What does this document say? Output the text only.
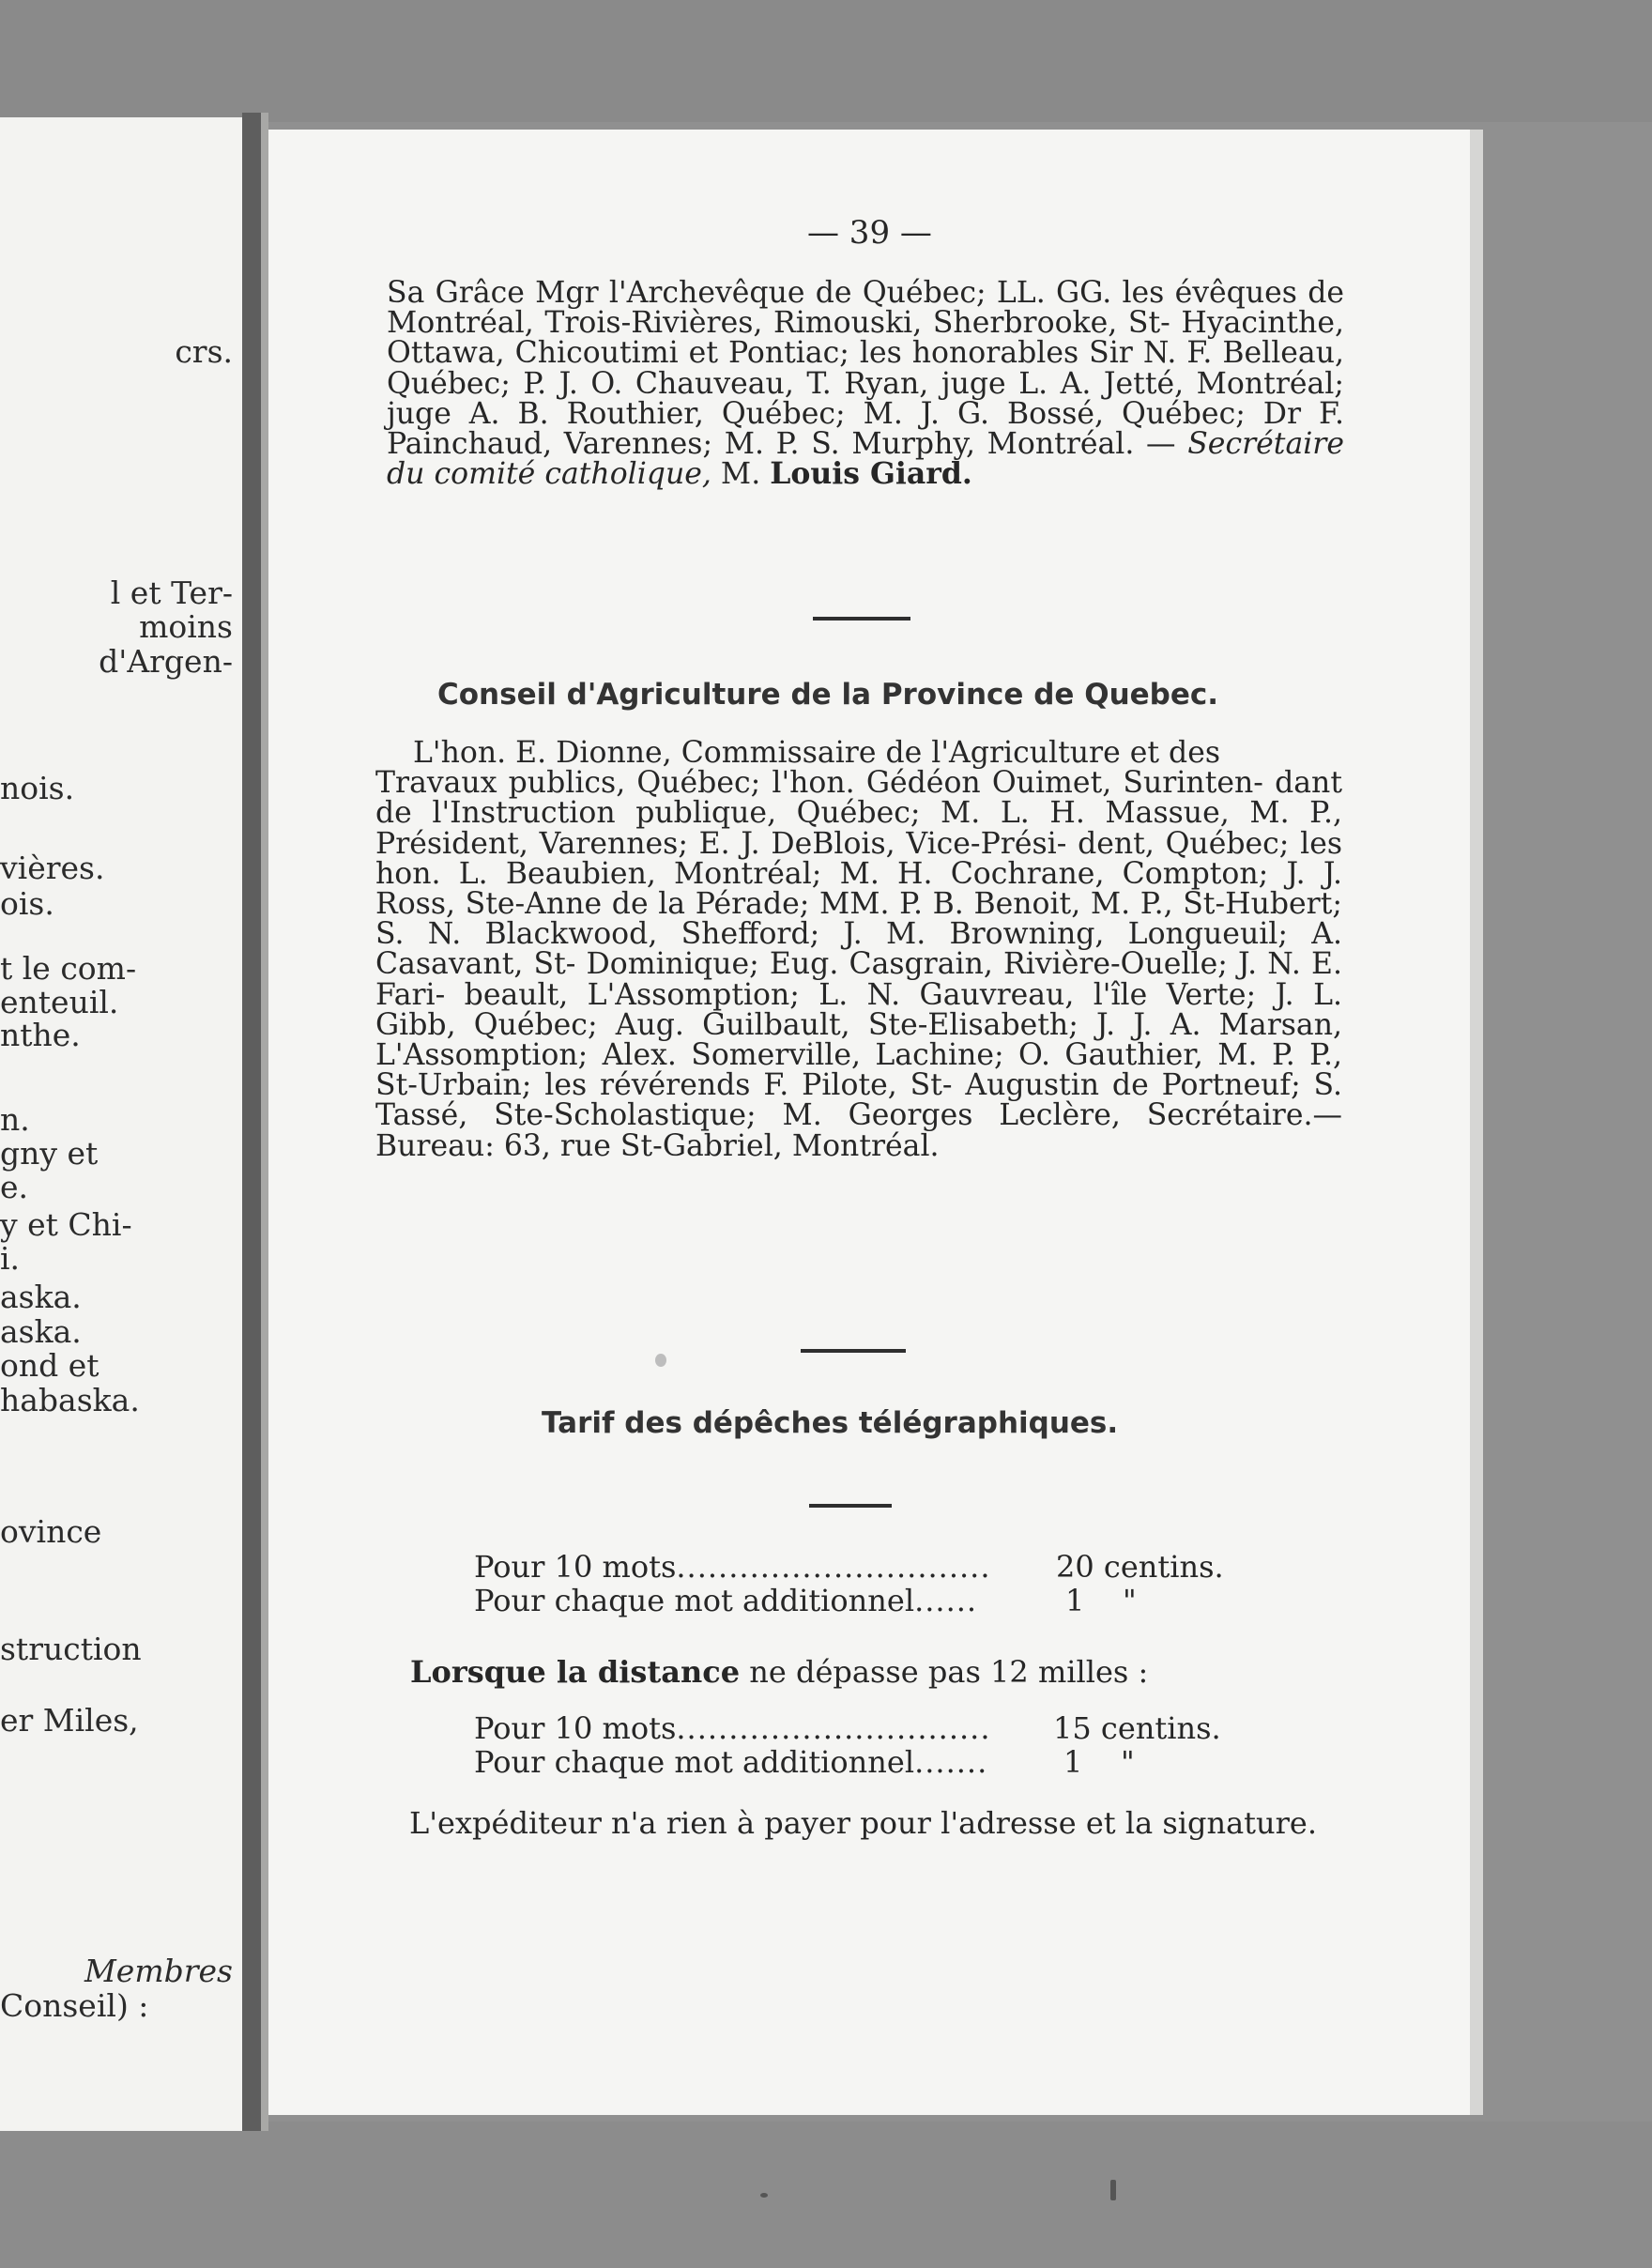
crs.
l et Ter-
moins
d'Argen-
nois.
vières.
ois.
t le com-
enteuil.
nthe.
n.
gny et
e.
y et Chi-
i.
aska.
aska.
ond et
habaska.
ovince
struction
er Miles,
Membres
Conseil) :
— 39 —

Sa Grâce Mgr l'Archevêque de Québec; LL. GG. les évêques de Montréal, Trois-Rivières, Rimouski, Sherbrooke, St- Hyacinthe, Ottawa, Chicoutimi et Pontiac; les honorables Sir N. F. Belleau, Québec; P. J. O. Chauveau, T. Ryan, juge L. A. Jetté, Montréal; juge A. B. Routhier, Québec; M. J. G. Bossé, Québec; Dr F. Painchaud, Varennes; M. P. S. Murphy, Montréal. — Secrétaire du comité catholique, M. Louis Giard.

Conseil d'Agriculture de la Province de Quebec.

L'hon. E. Dionne, Commissaire de l'Agriculture et des
Travaux publics, Québec; l'hon. Gédéon Ouimet, Surinten- dant de l'Instruction publique, Québec; M. L. H. Massue, M. P., Président, Varennes; E. J. DeBlois, Vice-Prési- dent, Québec; les hon. L. Beaubien, Montréal; M. H. Cochrane, Compton; J. J. Ross, Ste-Anne de la Pérade; MM. P. B. Benoit, M. P., St-Hubert; S. N. Blackwood, Shefford; J. M. Browning, Longueuil; A. Casavant, St- Dominique; Eug. Casgrain, Rivière-Ouelle; J. N. E. Fari- beault, L'Assomption; L. N. Gauvreau, l'île Verte; J. L. Gibb, Québec; Aug. Guilbault, Ste-Elisabeth; J. J. A. Marsan, L'Assomption; Alex. Somerville, Lachine; O. Gauthier, M. P. P., St-Urbain; les révérends F. Pilote, St- Augustin de Portneuf; S. Tassé, Ste-Scholastique; M. Georges Leclère, Secrétaire.—Bureau: 63, rue St-Gabriel, Montréal.

Tarif des dépêches télégraphiques.
Pour 10 mots.............................. 20 centins.
Pour chaque mot additionnel......	1    "
Lorsque la distance ne dépasse pas 12 milles :
Pour 10 mots.............................. 15 centins.
Pour chaque mot additionnel.......	1    "

L'expéditeur n'a rien à payer pour l'adresse et la signature.
